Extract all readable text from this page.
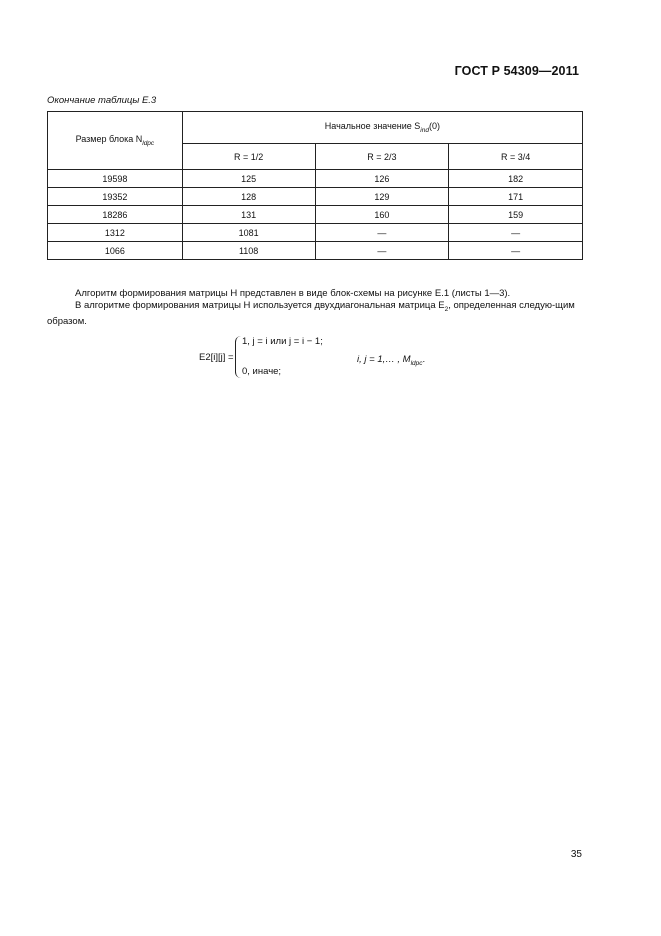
ГОСТ Р 54309—2011
Окончание таблицы Е.3
Размер блока $N_{ldpc}$	Начальное значение $S_{ind}(0)$		
	R = 1/2	R = 2/3	R = 3/4
19598	125	126	182
19352	128	129	171
18286	131	160	159
1312	1081	—	—
1066	1108	—	—
Алгоритм формирования матрицы H представлен в виде блок-схемы на рисунке Е.1 (листы 1—3).
В алгоритме формирования матрицы H используется двухдиагональная матрица $E_2$, определенная следую-щим образом.
E2[i][j] =
1, j = i или j = i − 1;
0, иначе;
i, j = 1,… , $M_{ldpc}$.
35
